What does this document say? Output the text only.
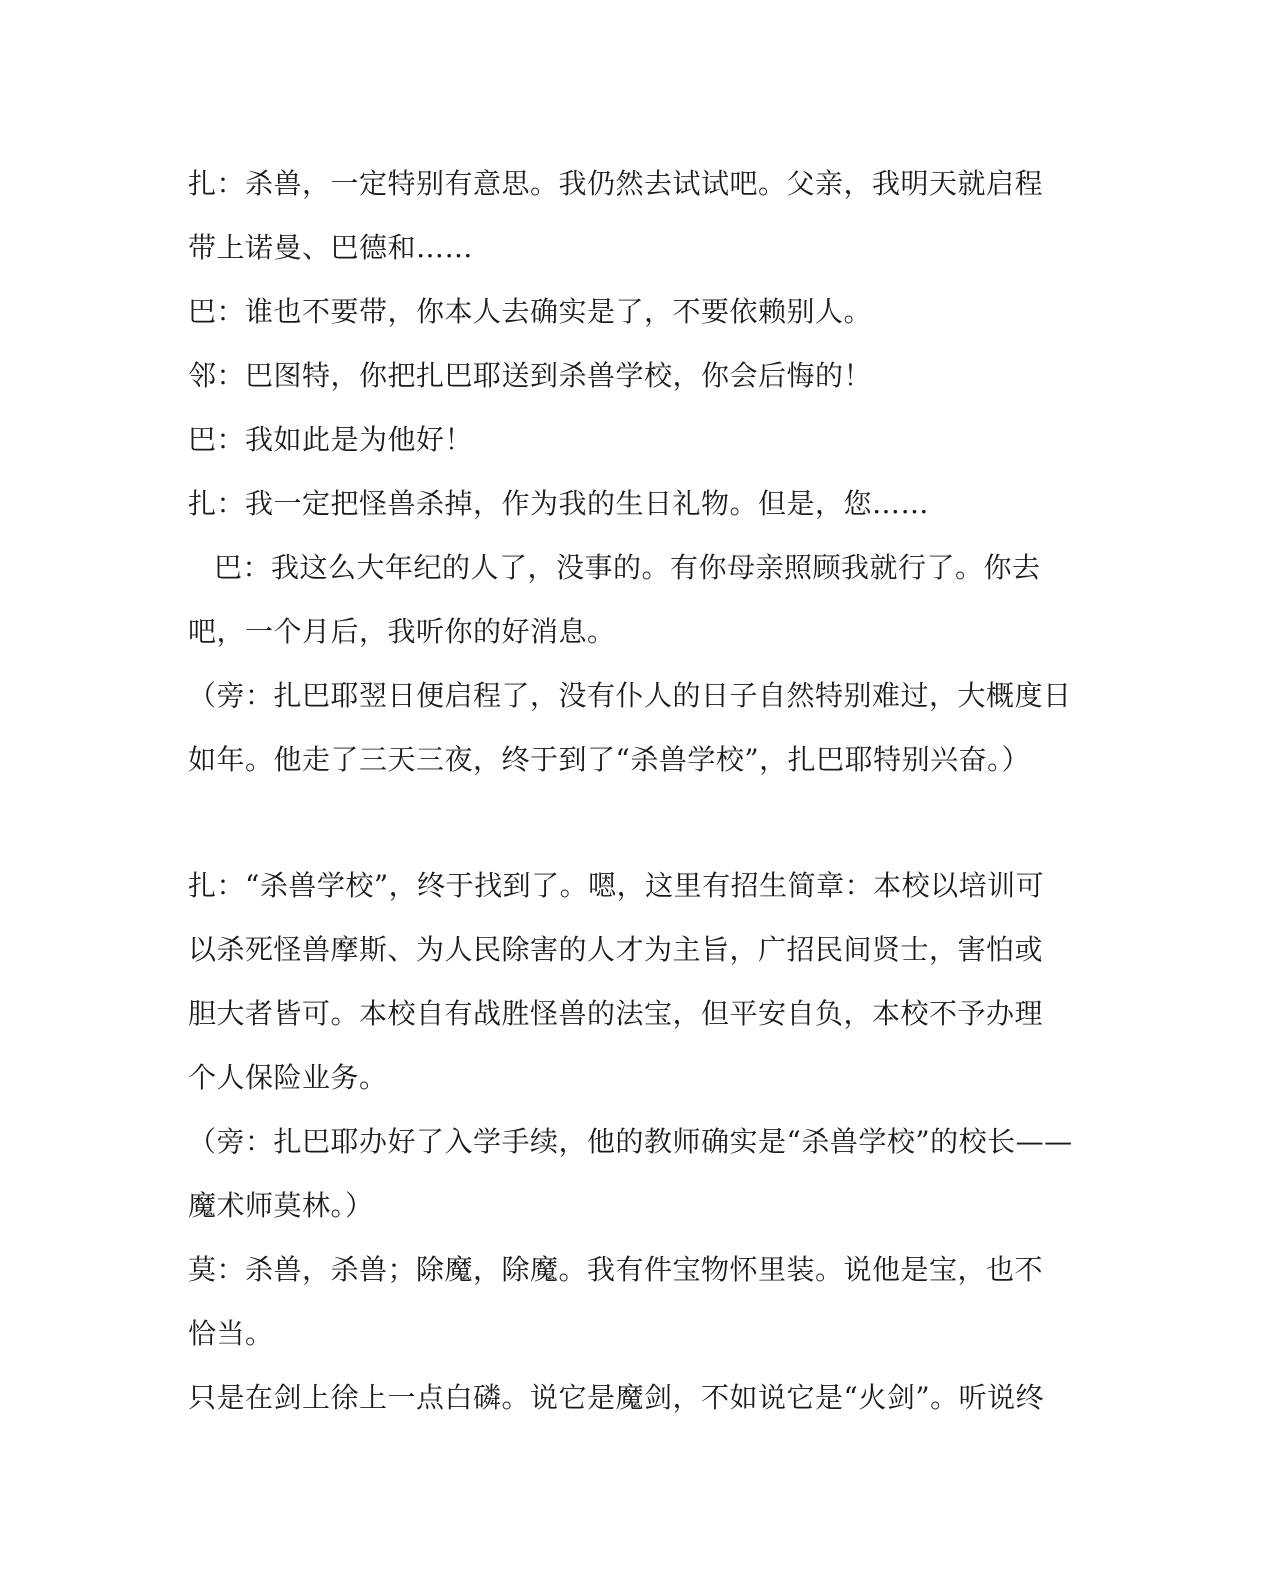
扎：杀兽，一定特别有意思。我仍然去试试吧。父亲，我明天就启程
带上诺曼、巴德和……
巴：谁也不要带，你本人去确实是了，不要依赖别人。
邻：巴图特，你把扎巴耶送到杀兽学校，你会后悔的！
巴：我如此是为他好！
扎：我一定把怪兽杀掉，作为我的生日礼物。但是，您……
巴：我这么大年纪的人了，没事的。有你母亲照顾我就行了。你去
吧，一个月后，我听你的好消息。
（旁：扎巴耶翌日便启程了，没有仆人的日子自然特别难过，大概度日
如年。他走了三天三夜，终于到了“杀兽学校”，扎巴耶特别兴奋。）
扎：“杀兽学校”，终于找到了。嗯，这里有招生简章：本校以培训可
以杀死怪兽摩斯、为人民除害的人才为主旨，广招民间贤士，害怕或
胆大者皆可。本校自有战胜怪兽的法宝，但平安自负，本校不予办理
个人保险业务。
（旁：扎巴耶办好了入学手续，他的教师确实是“杀兽学校”的校长——
魔术师莫林。）
莫：杀兽，杀兽；除魔，除魔。我有件宝物怀里装。说他是宝，也不
恰当。
只是在剑上徐上一点白磷。说它是魔剑，不如说它是“火剑”。听说终
